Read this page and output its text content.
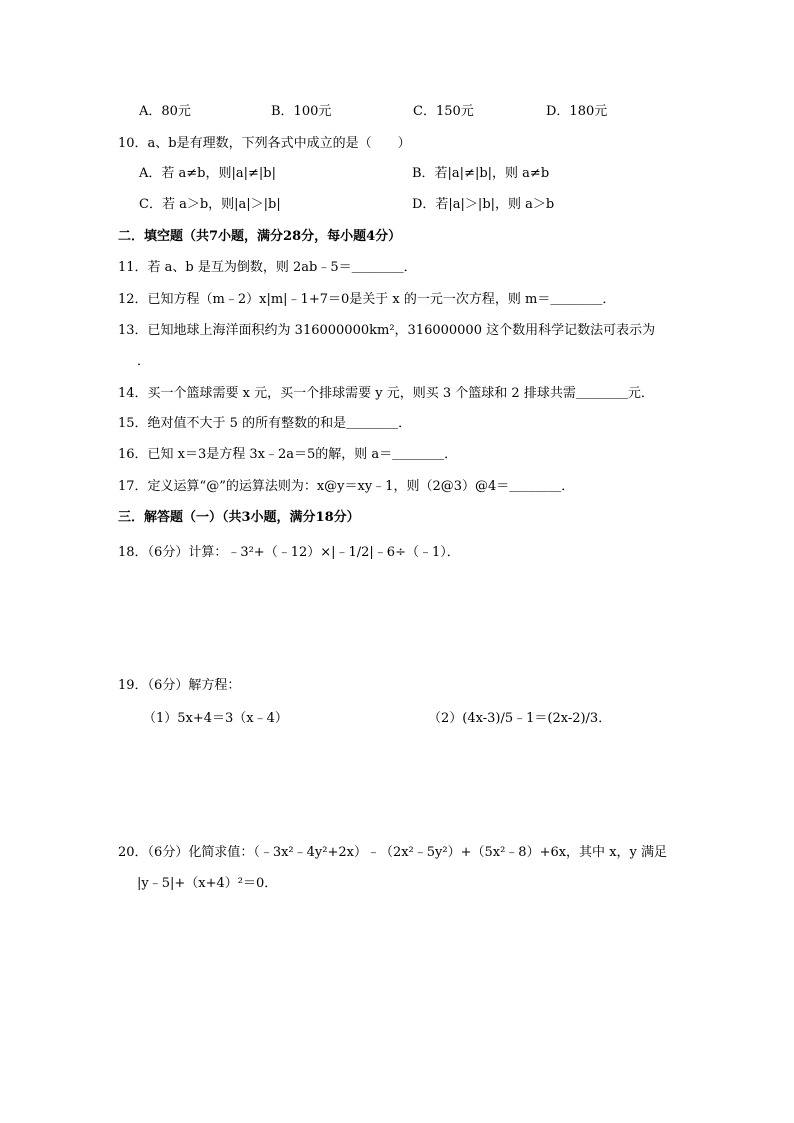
A．80元	B．100元	C．150元	D．180元
10．a、b是有理数，下列各式中成立的是（　　）
A．若 a≠b，则|a|≠|b|	B．若|a|≠|b|，则 a≠b
C．若 a＞b，则|a|＞|b|	D．若|a|＞|b|，则 a＞b
二．填空题（共7小题，满分28分，每小题4分）
11．若 a、b 是互为倒数，则 2ab﹣5＝＿＿＿＿．
12．已知方程（m﹣2）x|m|﹣1+7＝0是关于 x 的一元一次方程，则 m＝＿＿＿＿．
13．已知地球上海洋面积约为 316000000km²，316000000 这个数用科学记数法可表示为
．
14．买一个篮球需要 x 元，买一个排球需要 y 元，则买 3 个篮球和 2 排球共需＿＿＿＿元．
15．绝对值不大于 5 的所有整数的和是＿＿＿＿．
16．已知 x＝3是方程 3x﹣2a＝5的解，则 a＝＿＿＿＿．
17．定义运算“@”的运算法则为：x@y＝xy﹣1，则（2@3）@4＝＿＿＿＿．
三．解答题（一）（共3小题，满分18分）
18．（6分）计算：﹣3²+（﹣12）×|﹣1/2|﹣6÷（﹣1）．
19．（6分）解方程：
（1）5x+4＝3（x﹣4）	（2）(4x-3)/5﹣1＝(2x-2)/3．
20．（6分）化简求值：（﹣3x²﹣4y²+2x）﹣（2x²﹣5y²）+（5x²﹣8）+6x，其中 x，y 满足
|y﹣5|+（x+4）²＝0．
